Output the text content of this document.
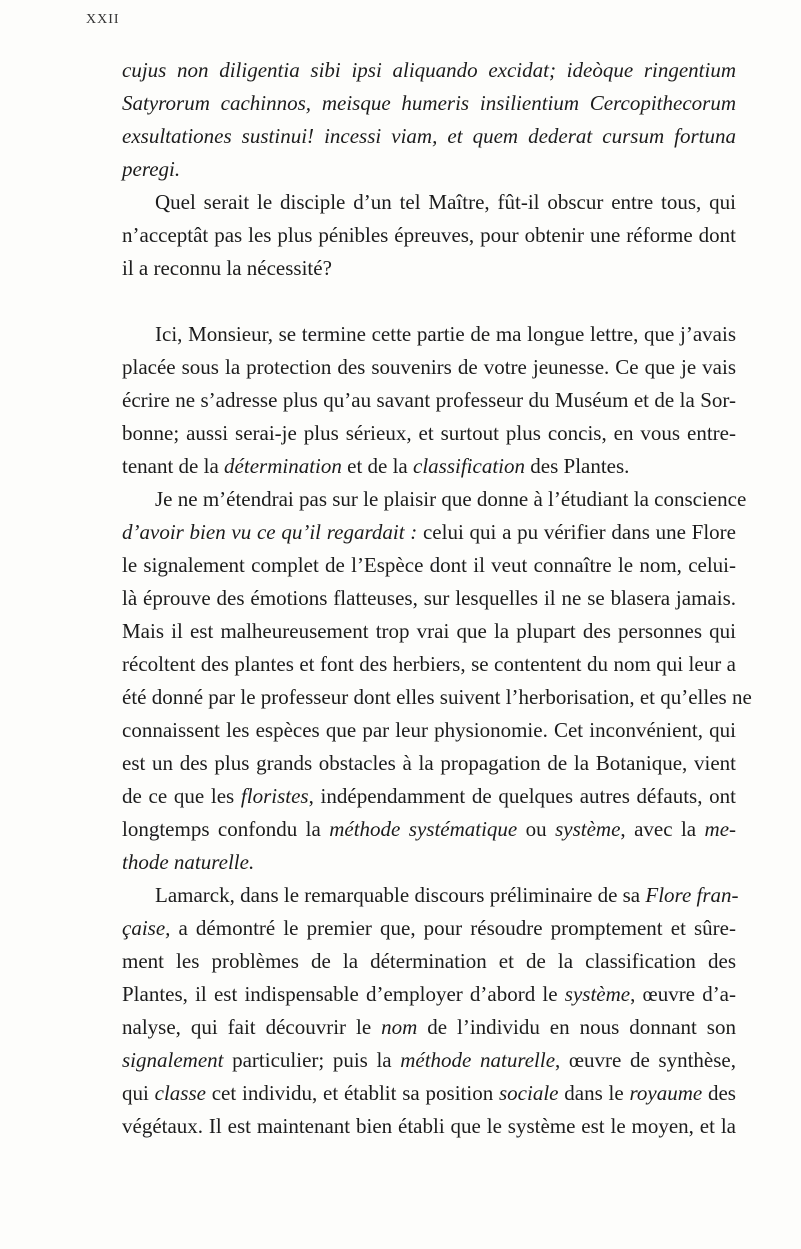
XXII
cujus non diligentia sibi ipsi aliquando excidat; ideòque ringentium
Satyrorum cachinnos, meisque humeris insilientium Cercopithecorum
exsultationes sustinui! incessi viam, et quem dederat cursum fortuna
peregi.
Quel serait le disciple d’un tel Maître, fût-il obscur entre tous, qui
n’acceptât pas les plus pénibles épreuves, pour obtenir une réforme dont
il a reconnu la nécessité?
Ici, Monsieur, se termine cette partie de ma longue lettre, que j’avais
placée sous la protection des souvenirs de votre jeunesse. Ce que je vais
écrire ne s’adresse plus qu’au savant professeur du Muséum et de la Sor-
bonne; aussi serai-je plus sérieux, et surtout plus concis, en vous entre-
tenant de la détermination et de la classification des Plantes.
Je ne m’étendrai pas sur le plaisir que donne à l’étudiant la conscience
d’avoir bien vu ce qu’il regardait : celui qui a pu vérifier dans une Flore
le signalement complet de l’Espèce dont il veut connaître le nom, celui-
là éprouve des émotions flatteuses, sur lesquelles il ne se blasera jamais.
Mais il est malheureusement trop vrai que la plupart des personnes qui
récoltent des plantes et font des herbiers, se contentent du nom qui leur a
été donné par le professeur dont elles suivent l’herborisation, et qu’elles ne
connaissent les espèces que par leur physionomie. Cet inconvénient, qui
est un des plus grands obstacles à la propagation de la Botanique, vient
de ce que les floristes, indépendamment de quelques autres défauts, ont
longtemps confondu la méthode systématique ou système, avec la me-
thode naturelle.
Lamarck, dans le remarquable discours préliminaire de sa Flore fran-
çaise, a démontré le premier que, pour résoudre promptement et sûre-
ment les problèmes de la détermination et de la classification des
Plantes, il est indispensable d’employer d’abord le système, œuvre d’a-
nalyse, qui fait découvrir le nom de l’individu en nous donnant son
signalement particulier; puis la méthode naturelle, œuvre de synthèse,
qui classe cet individu, et établit sa position sociale dans le royaume des
végétaux. Il est maintenant bien établi que le système est le moyen, et la
